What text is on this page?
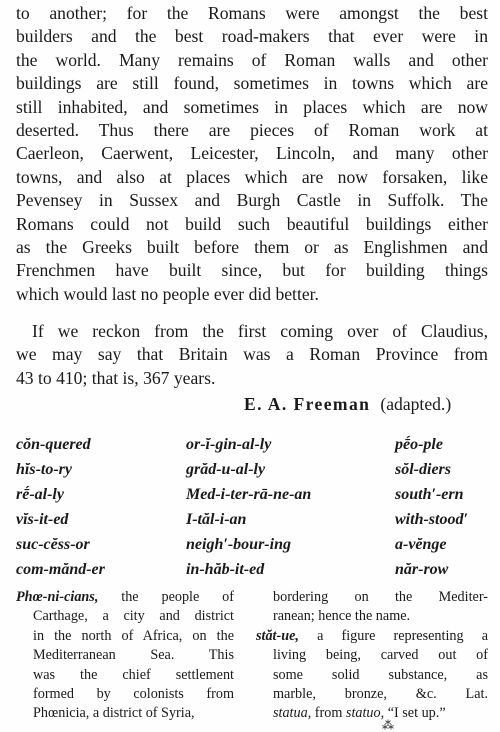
to another; for the Romans were amongst the best
builders and the best road-makers that ever were in
the world. Many remains of Roman walls and other
buildings are still found, sometimes in towns which are
still inhabited, and sometimes in places which are now
deserted. Thus there are pieces of Roman work at
Caerleon, Caerwent, Leicester, Lincoln, and many other
towns, and also at places which are now forsaken, like
Pevensey in Sussex and Burgh Castle in Suffolk. The
Romans could not build such beautiful buildings either
as the Greeks built before them or as Englishmen and
Frenchmen have built since, but for building things
which would last no people ever did better.
If we reckon from the first coming over of Claudius,
we may say that Britain was a Roman Province from
43 to 410; that is, 367 years.
E. A. Freeman (adapted.)
cŏn-quered	or-ĭ-gin-al-ly	pḗo-ple
hĭs-to-ry	grăd-u-al-ly	sŏl-diers
rḗ-al-ly	Med-i-ter-rā-ne-an	south′-ern
vĭs-it-ed	I-tăl-i-an	with-stood′
suc-cĕss-or	neigh′-bour-ing	a-vĕnge
com-mănd-er	in-hăb-it-ed	năr-row
Phœ-ni-cians, the people of
Carthage, a city and district
in the north of Africa, on the
Mediterranean Sea. This
was the chief settlement
formed by colonists from
Phœnicia, a district of Syria,
bordering on the Mediter-
ranean; hence the name.
stăt-ue, a figure representing a
living being, carved out of
some solid substance, as
marble, bronze, &c. Lat.
statua, from statuo, “I set up.”
⁂
